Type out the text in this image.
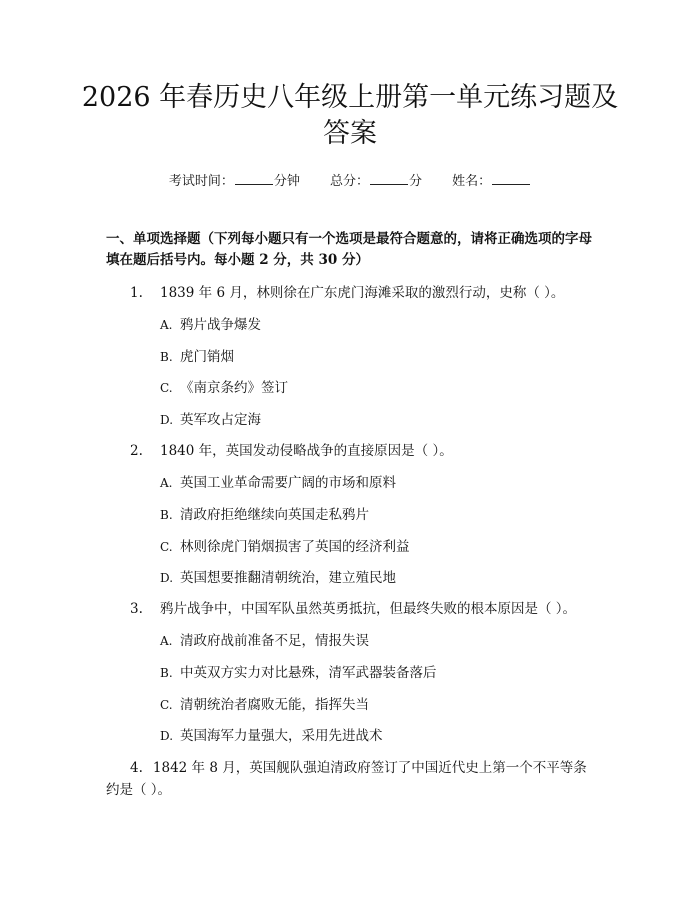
2026 年春历史八年级上册第一单元练习题及
答案
考试时间：	分钟 总分：	分 姓名：
一、单项选择题（下列每小题只有一个选项是最符合题意的，请将正确选项的字母填在题后括号内。每小题 2 分，共 30 分）
1.	1839 年 6 月，林则徐在广东虎门海滩采取的激烈行动，史称（ ）。
A. 鸦片战争爆发
B. 虎门销烟
C. 《南京条约》签订
D. 英军攻占定海
2.	1840 年，英国发动侵略战争的直接原因是（ ）。
A. 英国工业革命需要广阔的市场和原料
B. 清政府拒绝继续向英国走私鸦片
C. 林则徐虎门销烟损害了英国的经济利益
D. 英国想要推翻清朝统治，建立殖民地
3.	鸦片战争中，中国军队虽然英勇抵抗，但最终失败的根本原因是（ ）。
A. 清政府战前准备不足，情报失误
B. 中英双方实力对比悬殊，清军武器装备落后
C. 清朝统治者腐败无能，指挥失当
D. 英国海军力量强大，采用先进战术
4. 1842 年 8 月，英国舰队强迫清政府签订了中国近代史上第一个不平等条约是（ ）。
